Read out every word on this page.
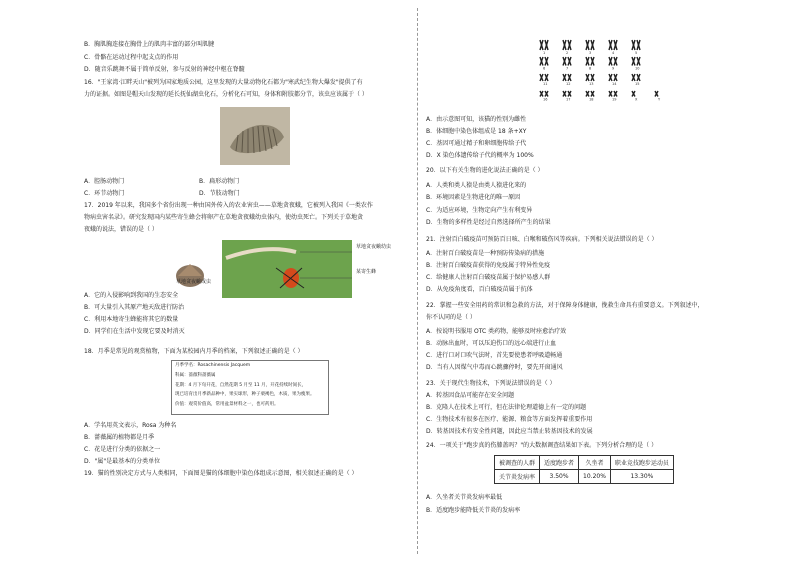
B．胸肌胸连接在胸骨上的肌肉丰富的部分叫肌腱
C．骨骼在运动过程中起支点的作用
D．随音乐跳舞不属于简单反射，参与反射的神经中枢在脊髓
16．"王家湾·江畔天山"被列为国家地质公园，这里发现的大量动物化石都为"寒武纪生物大爆发"提供了有
力的证据。如图是帽天山发现的延长抚仙湖虫化石，分析化石可知，身体和附肢都分节，该虫应该属于（ ）
A．腔肠动物门	B．扁形动物门
C．环节动物门	D．节肢动物门
17．2019 年以来，我国多个省份出现一种由国外传入的农业害虫——草地贪夜蛾，它被列入我国《一类农作
物病虫害名录》。研究发现国内某些寄生蜂会将卵产在草地贪夜蛾幼虫体内，使幼虫死亡。下列关于草地贪
夜蛾的说法，错误的是（ ）
草地贪夜蛾幼虫
草地贪夜蛾成虫
某寄生蜂
A．它的入侵影响到我国的生态安全
B．可大量引入其原产地天敌进行防治
C．利用本地寄生蜂能将其它的数量
D．同学们在生活中发现它要及时消灭
18．月季是常见的观赏植物，下面为某校园内月季的档案，下列叙述正确的是（ ）
月季学名：Rosachinensis Jacquem
科属：蔷薇科蔷薇属
花期：4 月下旬开花，自然花期 5 月至 11 月，开花持续时间长，
现已培育出月季新品种中，果实球形，种子栗褐色，木质，果为瘦果。
价值：观赏价值高，常用盆景材料之一，也可药用。
A．学名用英文表示，Rosa 为种名
B．蔷薇属的植物都是月季
C．花是进行分类的依据之一
D．"属"是最基本的分类单位
19．猫的性别决定方式与人类相同，下面图是猫的体细胞中染色体组成示意图，相关叙述正确的是（ ）
1	2	3	4	5
6	7	8	9	10
11	12	13	14	15
16	17	18	19	X	Y
A．由示意图可知，该猫的性别为雌性
B．体细胞中染色体组成是 18 条+XY
C．基因可通过精子和卵细胞传给子代
D．X 染色体遗传给子代的概率为 100%
20．以下有关生物的进化说法正确的是（ ）
A．人类和类人猿是由类人猿进化来的
B．环境因素是生物进化的唯一原因
C．为适应环境，生物定向产生有利变异
D．生物的多样性是经过自然选择所产生的结果
21．注射百白破疫苗可预防百日咳、白喉和破伤风等疾病。下列相关说法错误的是（ ）
A．注射百白破疫苗是一种预防传染病的措施
B．注射百白破疫苗获得的免疫属于特异性免疫
C．给健康人注射百白破疫苗属于保护易感人群
D．从免疫角度看，百白破疫苗属于抗体
22．掌握一些安全用药的常识和急救的方法，对于保障身体健康，挽救生命具有重要意义。下列叙述中，
你不认同的是（ ）
A．按说明书服用 OTC 类药物，能够及时痊愈治疗效
B．动脉出血时，可以压迫伤口的远心端进行止血
C．进行口对口吹气法时，首先要使患者呼吸道畅通
D．当有人因煤气中毒而心跳骤停时，要先开窗通风
23．关于现代生物技术，下列说法错误的是（ ）
A．转基因食品可能存在安全问题
B．克隆人在技术上可行，但在法律伦理道德上有一定的问题
C．生物技术有很多在医疗、能源、粮食等方面发挥着重要作用
D．转基因技术有安全性问题，因此应当禁止转基因技术的发展
24．一项关于"跑步真的伤膝盖吗？"的大数据调查结果如下表。下列分析合理的是（ ）
被调查的人群	适度跑步者	久坐者	职业竞技跑步运动员
关节炎发病率	3.50%	10.20%	13.30%
A．久坐者关节炎发病率最低
B．适度跑步能降低关节炎的发病率
